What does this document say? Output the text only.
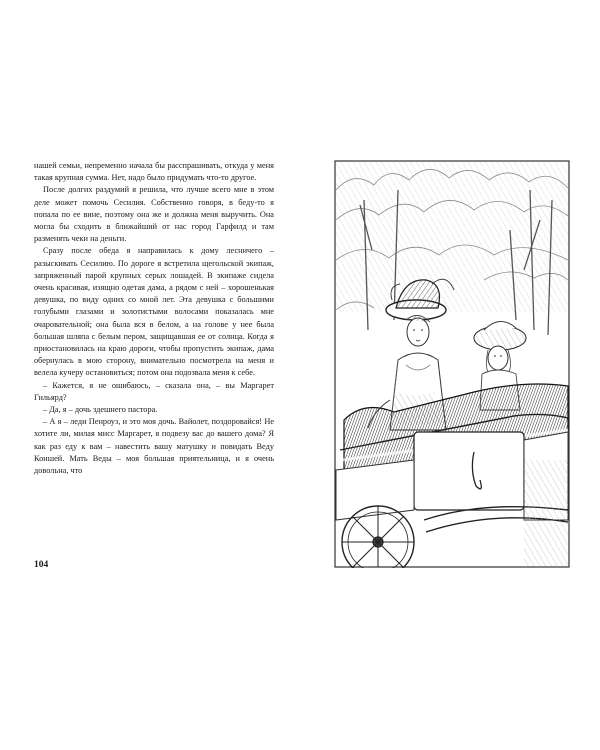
нашей семьи, непременно начала бы расспрашивать, откуда у меня такая крупная сумма. Нет, надо было придумать что-то другое.

После долгих раздумий я решила, что лучше всего мне в этом деле может помочь Сесилия. Собственно говоря, в беду-то я попала по ее вине, поэтому она же и должна меня выручить. Она могла бы сходить в ближайший от нас город Гарфилд и там разменять чеки на деньги.

Сразу после обеда я направилась к дому лесничего – разыскивать Сесилию. По дороге я встретила щегольской экипаж, запряженный парой крупных серых лошадей. В экипаже сидела очень красивая, изящно одетая дама, а рядом с ней – хорошенькая девушка, по виду одних со мной лет. Эта девушка с большими голубыми глазами и золотистыми волосами показалась мне очаровательной; она была вся в белом, а на голове у нее была большая шляпа с белым пером, защищавшая ее от солнца. Когда я приостановилась на краю дороги, чтобы пропустить экипаж, дама обернулась в мою сторону, внимательно посмотрела на меня и велела кучеру остановиться; потом она подозвала меня к себе.

– Кажется, я не ошибаюсь, – сказала она, – вы Маргарет Гильярд?

– Да, я – дочь здешнего пастора.

– А я – леди Пенроуз, и это моя дочь. Вайолет, поздоровайся! Не хотите ли, милая мисс Маргарет, я подвезу вас до вашего дома? Я как раз еду к вам – навестить вашу матушку и повидать Веду Коншей. Мать Веды – моя большая приятельница, и я очень довольна, что

104
